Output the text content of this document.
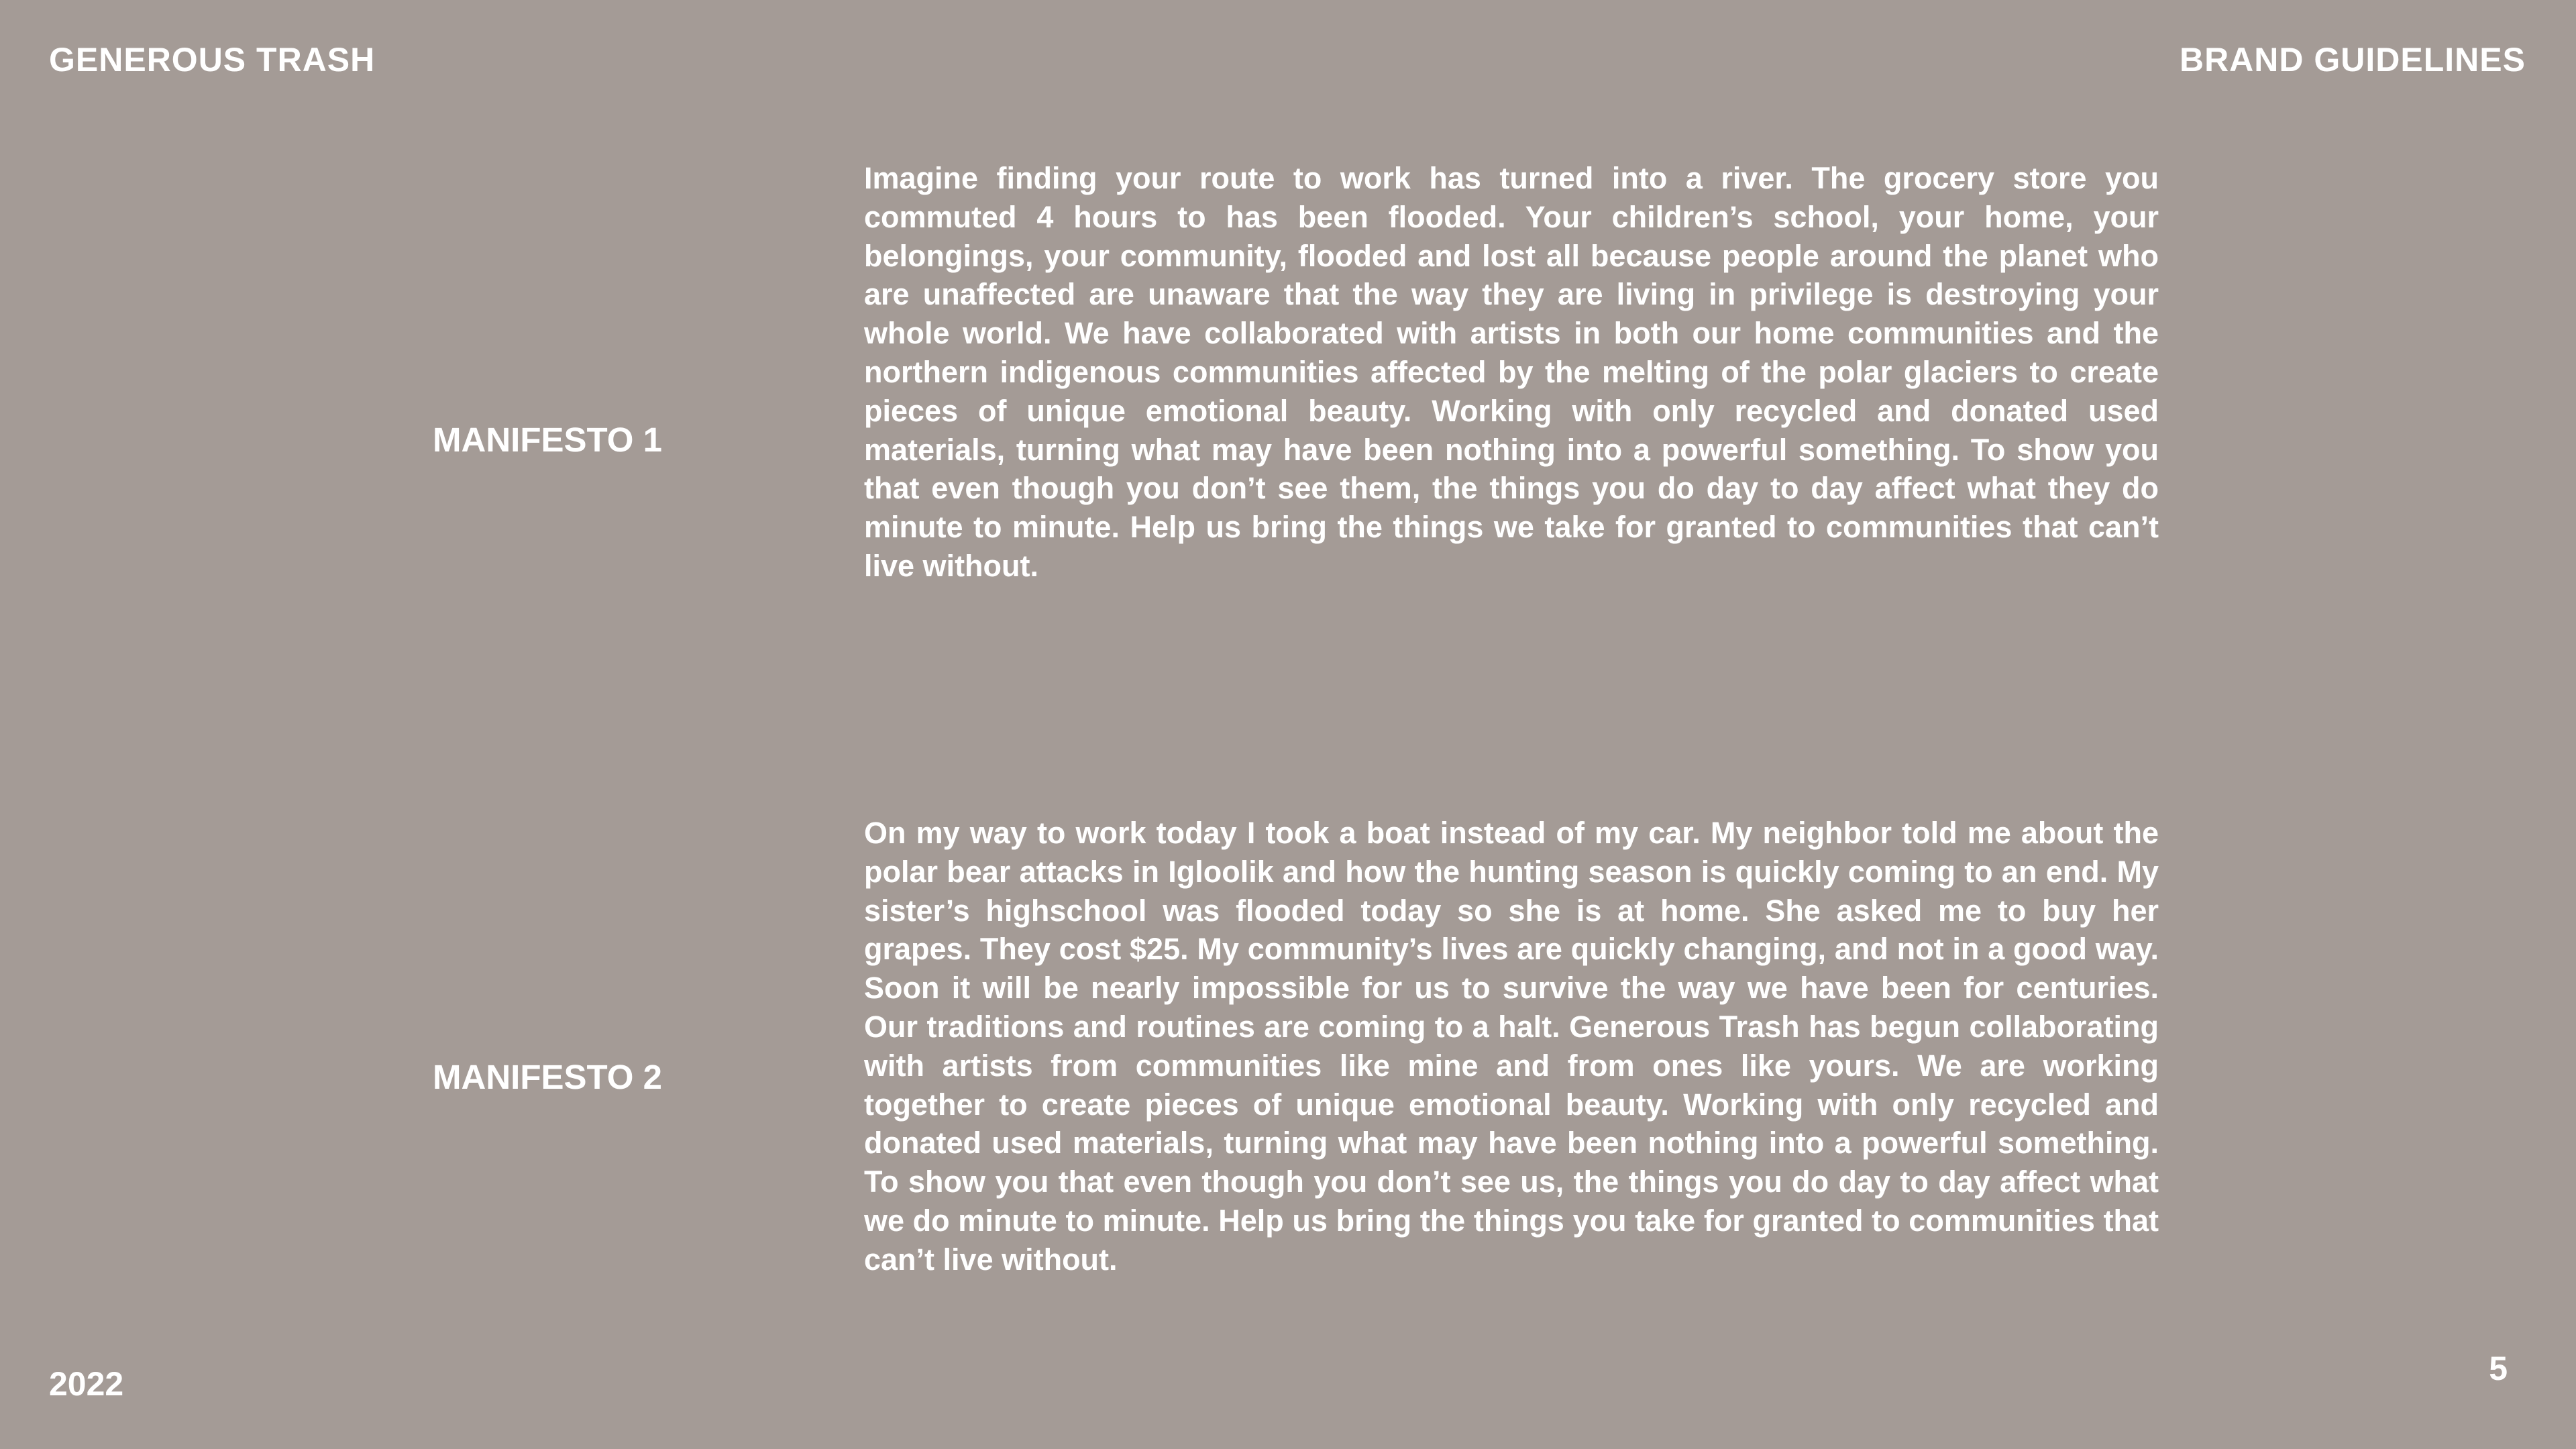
GENEROUS TRASH	BRAND GUIDELINES
MANIFESTO 1

Imagine finding your route to work has turned into a river. The grocery store you commuted 4 hours to has been flooded. Your children’s school, your home, your belongings, your community, flooded and lost all because people around the planet who are unaffected are unaware that the way they are living in privilege is destroying your whole world. We have collaborated with artists in both our home communities and the northern indigenous communities affected by the melting of the polar glaciers to create pieces of unique emotional beauty. Working with only recycled and donated used materials, turning what may have been nothing into a powerful something. To show you that even though you don’t see them, the things you do day to day affect what they do minute to minute. Help us bring the things we take for granted to communities that can’t live without.

MANIFESTO 2

On my way to work today I took a boat instead of my car. My neighbor told me about the polar bear attacks in Igloolik and how the hunting season is quickly coming to an end. My sister’s highschool was flooded today so she is at home. She asked me to buy her grapes. They cost $25. My community’s lives are quickly changing, and not in a good way. Soon it will be nearly impossible for us to survive the way we have been for centuries. Our traditions and routines are coming to a halt. Generous Trash has begun collaborating with artists from communities like mine and from ones like yours. We are working together to create pieces of unique emotional beauty. Working with only recycled and donated used materials, turning what may have been nothing into a powerful something. To show you that even though you don’t see us, the things you do day to day affect what we do minute to minute. Help us bring the things you take for granted to communities that can’t live without.

2022	5
